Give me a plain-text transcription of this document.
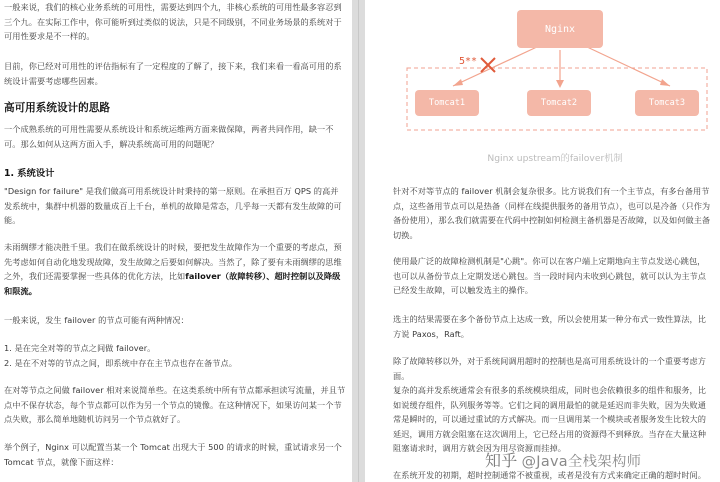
一般来说，我们的核心业务系统的可用性，需要达到四个九，非核心系统的可用性最多容忍到三个九。在实际工作中，你可能听到过类似的说法，只是不同级别，不同业务场景的系统对于可用性要求是不一样的。

目前，你已经对可用性的评估指标有了一定程度的了解了，接下来，我们来看一看高可用的系统设计需要考虑哪些因素。

高可用系统设计的思路

一个成熟系统的可用性需要从系统设计和系统运维两方面来做保障，两者共同作用，缺一不可。那么如何从这两方面入手，解决系统高可用的问题呢？

1. 系统设计

"Design for failure" 是我们做高可用系统设计时秉持的第一原则。在承担百万 QPS 的高并发系统中，集群中机器的数量成百上千台，单机的故障是常态，几乎每一天都有发生故障的可能。

未雨绸缪才能决胜千里。我们在做系统设计的时候，要把发生故障作为一个重要的考虑点，预先考虑如何自动化地发现故障，发生故障之后要如何解决。当然了，除了要有未雨绸缪的思维之外，我们还需要掌握一些具体的优化方法，比如failover（故障转移）、超时控制以及降级和限流。

一般来说，发生 failover 的节点可能有两种情况：

1. 是在完全对等的节点之间做 failover。

2. 是在不对等的节点之间，即系统中存在主节点也存在备节点。

在对等节点之间做 failover 相对来说简单些。在这类系统中所有节点都承担读写流量，并且节点中不保存状态，每个节点都可以作为另一个节点的镜像。在这种情况下，如果访问某一个节点失败，那么简单地随机访问另一个节点就好了。

举个例子，Nginx 可以配置当某一个 Tomcat 出现大于 500 的请求的时候，重试请求另一个 Tomcat 节点，就像下面这样：

Nginx
5**
Tomcat1	Tomcat2	Tomcat3
Nginx upstream的failover机制

针对不对等节点的 failover 机制会复杂很多。比方说我们有一个主节点，有多台备用节点，这些备用节点可以是热备（同样在线提供服务的备用节点），也可以是冷备（只作为备份使用），那么我们就需要在代码中控制如何检测主备机器是否故障，以及如何做主备切换。

使用最广泛的故障检测机制是"心跳"。你可以在客户端上定期地向主节点发送心跳包，也可以从备份节点上定期发送心跳包。当一段时间内未收到心跳包，就可以认为主节点已经发生故障，可以触发选主的操作。

选主的结果需要在多个备份节点上达成一致，所以会使用某一种分布式一致性算法，比方说 Paxos，Raft。

除了故障转移以外，对于系统间调用超时的控制也是高可用系统设计的一个重要考虑方面。

复杂的高并发系统通常会有很多的系统模块组成，同时也会依赖很多的组件和服务，比如说缓存组件，队列服务等等。它们之间的调用最怕的就是延迟而非失败，因为失败通常是瞬时的，可以通过重试的方式解决。而一旦调用某一个模块或者服务发生比较大的延迟，调用方就会阻塞在这次调用上，它已经占用的资源得不到释放。当存在大量这种阻塞请求时，调用方就会因为用尽资源而挂掉。

在系统开发的初期，超时控制通常不被重视，或者是没有方式来确定正确的超时时间。

知乎 @Java全栈架构师
